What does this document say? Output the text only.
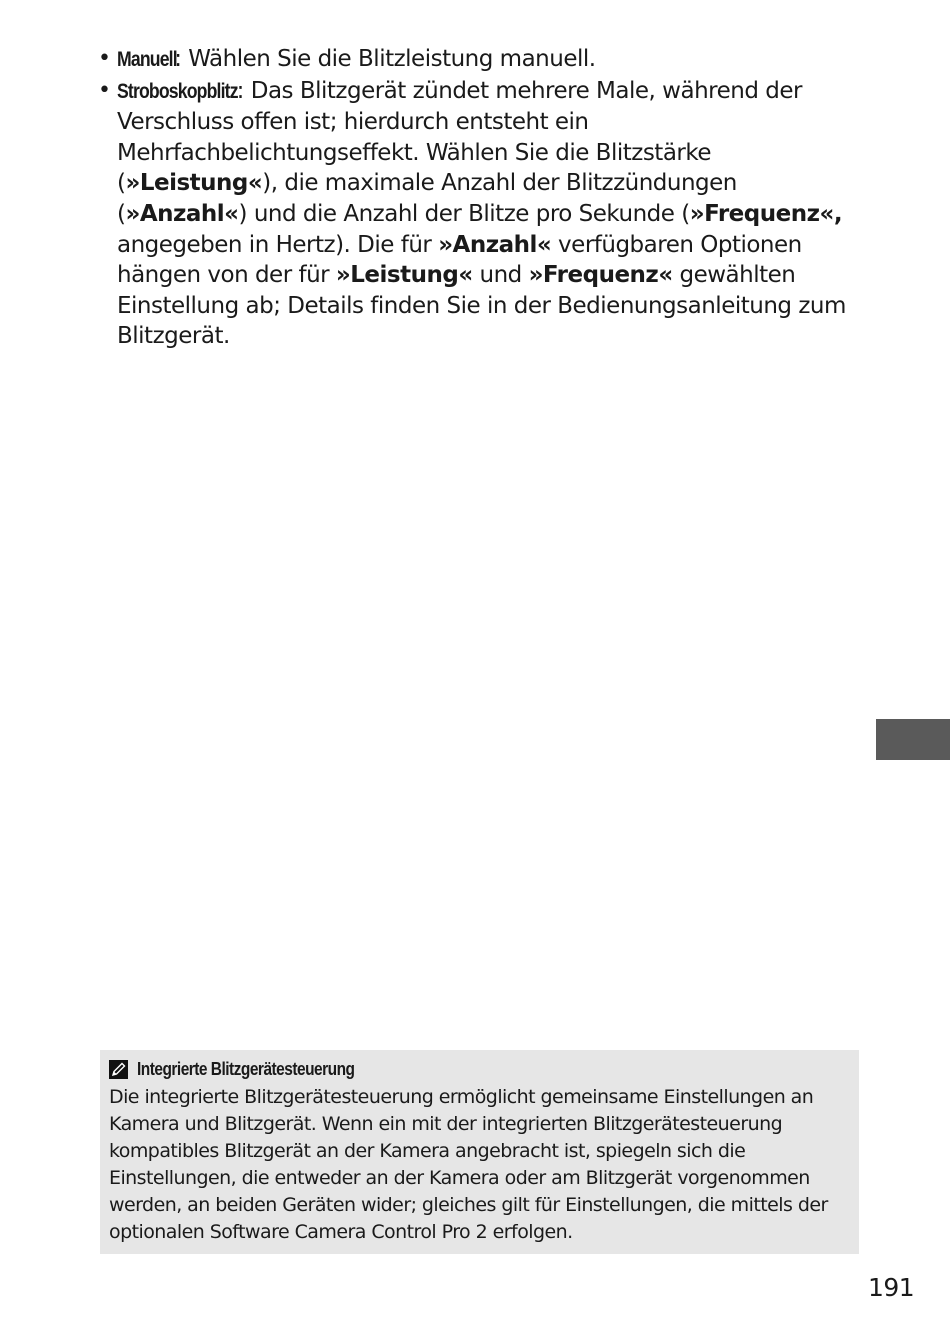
• Manuell: Wählen Sie die Blitzleistung manuell.
• Stroboskopblitz: Das Blitzgerät zündet mehrere Male, während der Verschluss offen ist; hierdurch entsteht ein Mehrfachbelichtungseffekt. Wählen Sie die Blitzstärke (»Leistung«), die maximale Anzahl der Blitzzündungen (»Anzahl«) und die Anzahl der Blitze pro Sekunde (»Frequenz«, angegeben in Hertz). Die für »Anzahl« verfügbaren Optionen hängen von der für »Leistung« und »Frequenz« gewählten Einstellung ab; Details finden Sie in der Bedienungsanleitung zum Blitzgerät.
Integrierte Blitzgerätesteuerung
Die integrierte Blitzgerätesteuerung ermöglicht gemeinsame Einstellungen an Kamera und Blitzgerät. Wenn ein mit der integrierten Blitzgerätesteuerung kompatibles Blitzgerät an der Kamera angebracht ist, spiegeln sich die Einstellungen, die entweder an der Kamera oder am Blitzgerät vorgenommen werden, an beiden Geräten wider; gleiches gilt für Einstellungen, die mittels der optionalen Software Camera Control Pro 2 erfolgen.
191
